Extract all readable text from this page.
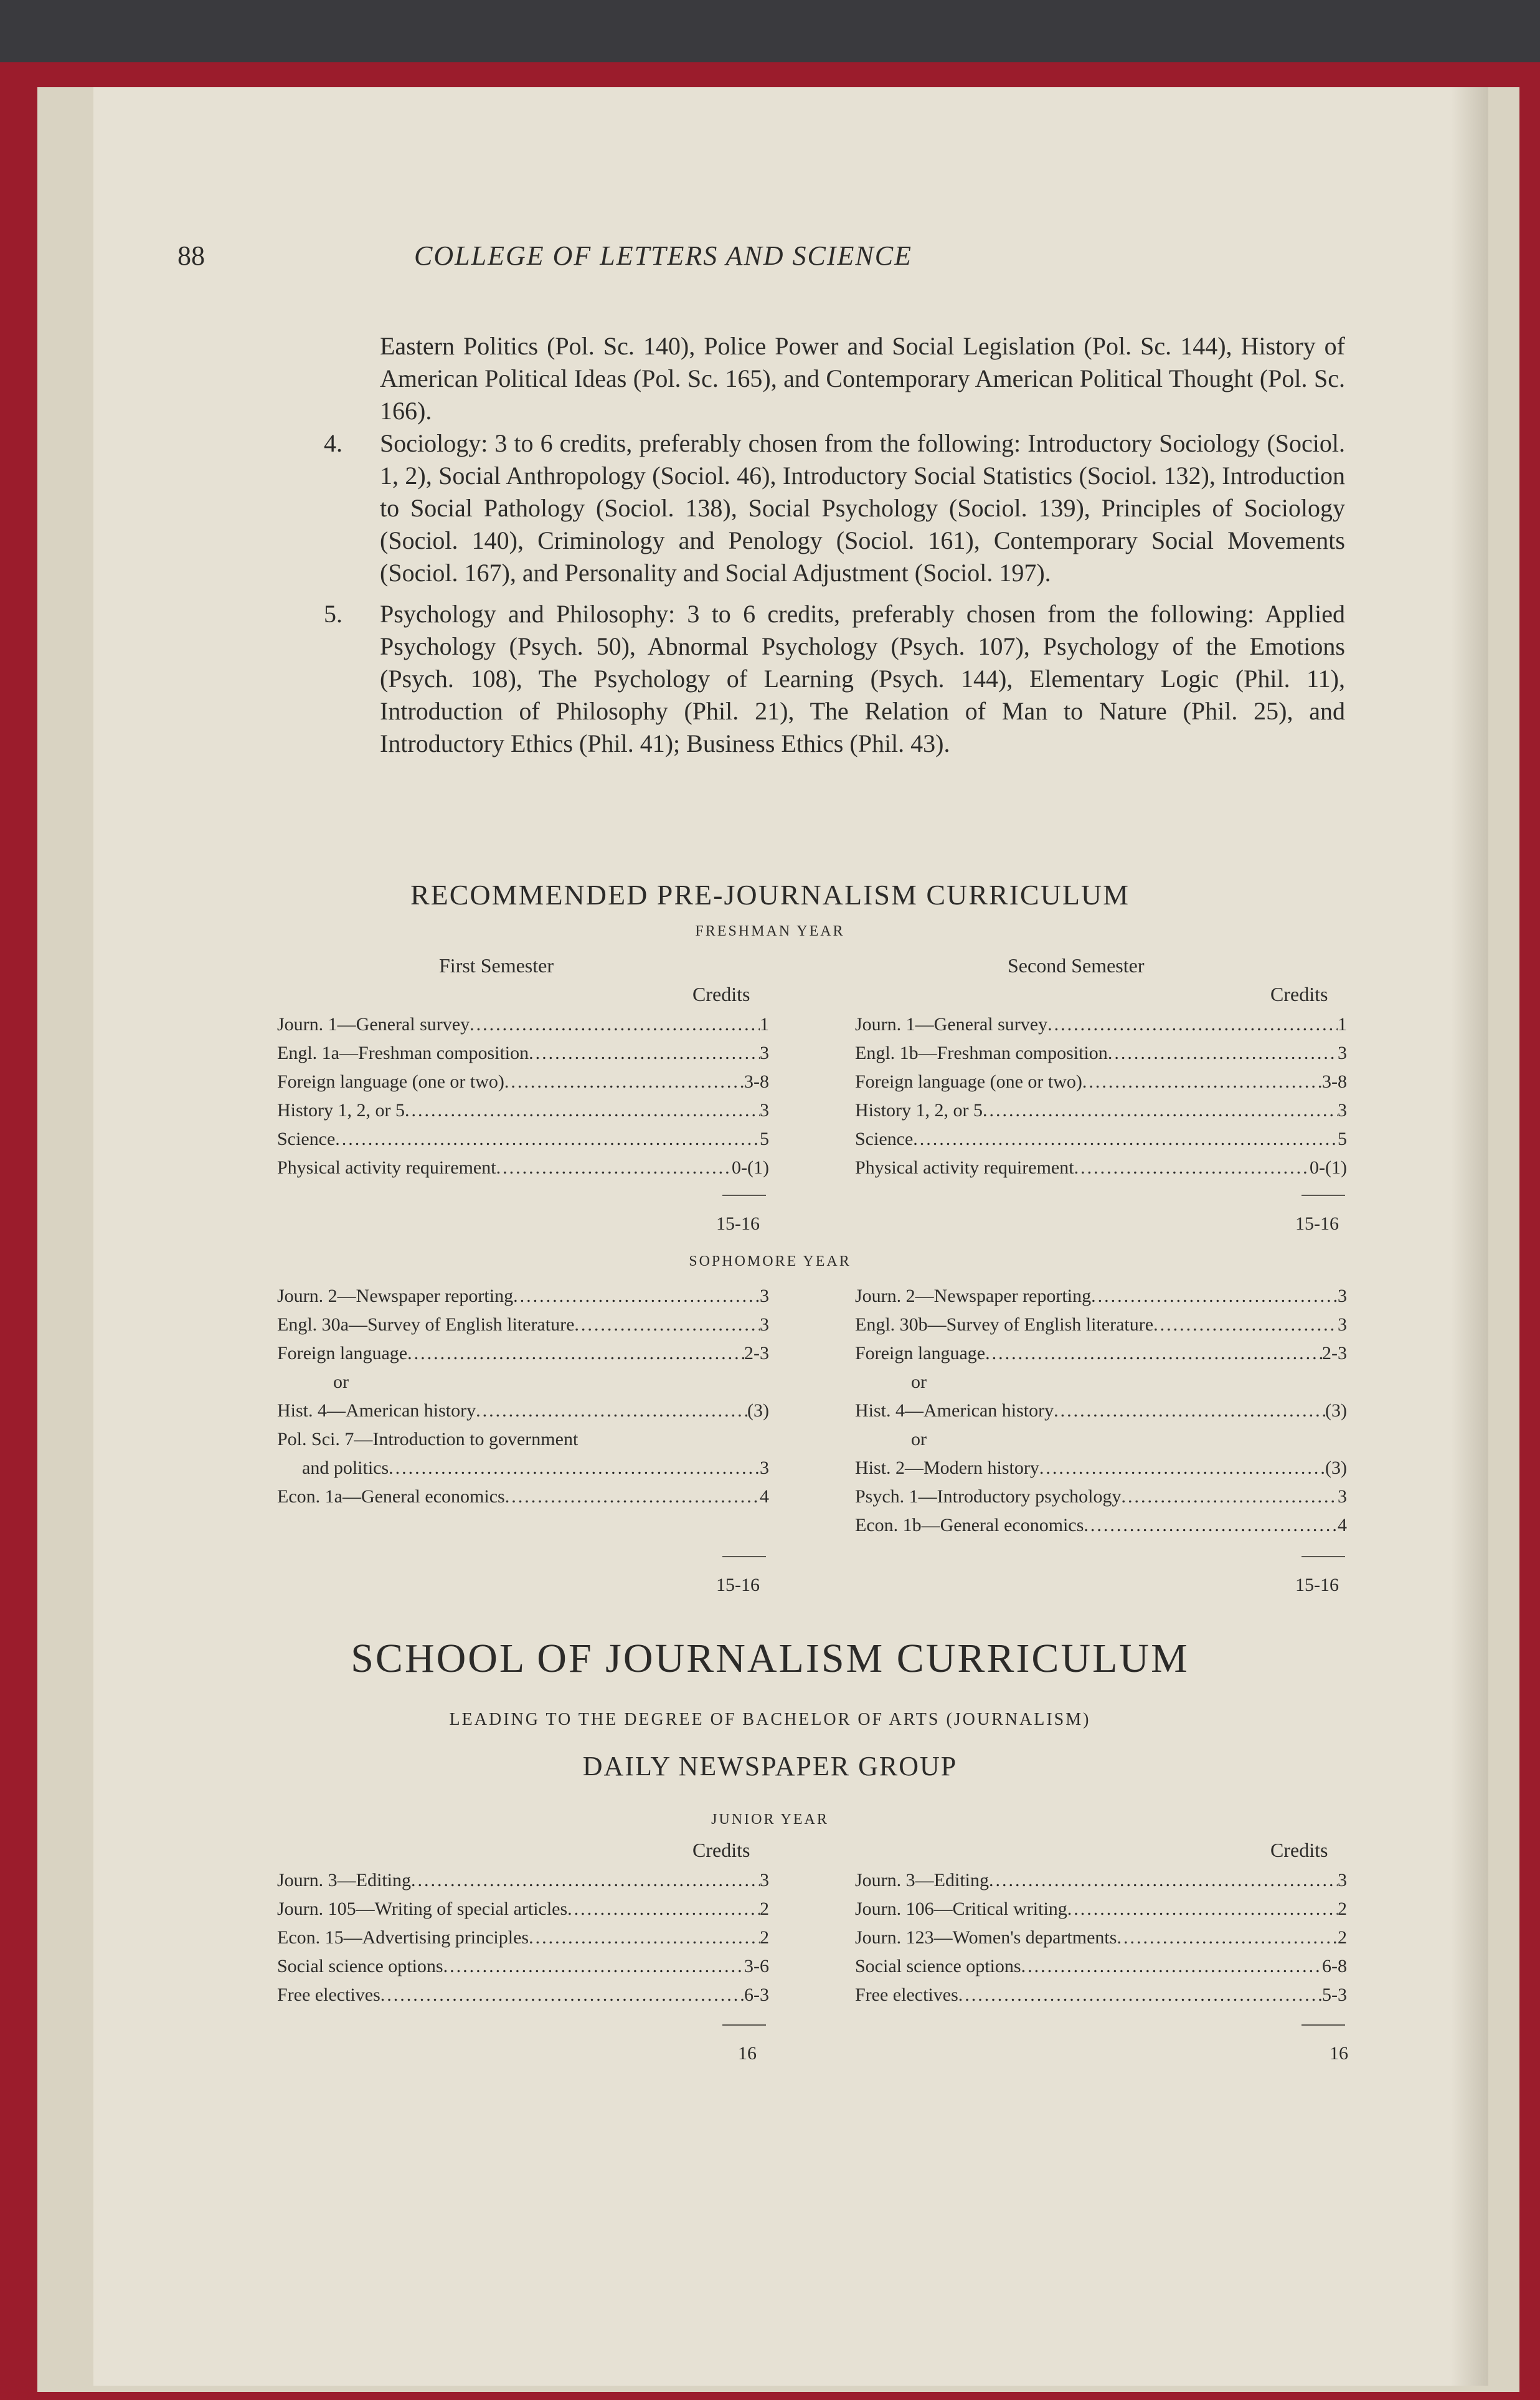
88	COLLEGE OF LETTERS AND SCIENCE
Eastern Politics (Pol. Sc. 140), Police Power and Social Legislation (Pol. Sc. 144), History of American Political Ideas (Pol. Sc. 165), and Contemporary American Political Thought (Pol. Sc. 166).
4. Sociology: 3 to 6 credits, preferably chosen from the following: Introductory Sociology (Sociol. 1, 2), Social Anthropology (Sociol. 46), Introductory Social Statistics (Sociol. 132), Introduction to Social Pathology (Sociol. 138), Social Psychology (Sociol. 139), Principles of Sociology (Sociol. 140), Criminology and Penology (Sociol. 161), Contemporary Social Movements (Sociol. 167), and Personality and Social Adjustment (Sociol. 197).
5. Psychology and Philosophy: 3 to 6 credits, preferably chosen from the following: Applied Psychology (Psych. 50), Abnormal Psychology (Psych. 107), Psychology of the Emotions (Psych. 108), The Psychology of Learning (Psych. 144), Elementary Logic (Phil. 11), Introduction of Philosophy (Phil. 21), The Relation of Man to Nature (Phil. 25), and Introductory Ethics (Phil. 41); Business Ethics (Phil. 43).
RECOMMENDED PRE-JOURNALISM CURRICULUM
FRESHMAN YEAR
First Semester	Second Semester
Credits	Credits
Journ. 1—General survey .....	1
Engl. 1a—Freshman composition .....	3
Foreign language (one or two) .....	3-8
History 1, 2, or 5 .....	3
Science .....	5
Physical activity requirement .....	0-(1)
Journ. 1—General survey .....	1
Engl. 1b—Freshman composition .....	3
Foreign language (one or two) .....	3-8
History 1, 2, or 5 .....	3
Science .....	5
Physical activity requirement .....	0-(1)
15-16	15-16
SOPHOMORE YEAR
Journ. 2—Newspaper reporting .....	3
Engl. 30a—Survey of English literature .....	3
Foreign language .....	2-3
or
Hist. 4—American history .....	(3)
Pol. Sci. 7—Introduction to government
and politics .....	3
Econ. 1a—General economics .....	4
Journ. 2—Newspaper reporting .....	3
Engl. 30b—Survey of English literature .....	3
Foreign language .....	2-3
or
Hist. 4—American history .....	(3)
or
Hist. 2—Modern history .....	(3)
Psych. 1—Introductory psychology .....	3
Econ. 1b—General economics .....	4
15-16	15-16
SCHOOL OF JOURNALISM CURRICULUM
LEADING TO THE DEGREE OF BACHELOR OF ARTS (JOURNALISM)
DAILY NEWSPAPER GROUP
JUNIOR YEAR
Credits	Credits
Journ. 3—Editing .....	3
Journ. 105—Writing of special articles .....	2
Econ. 15—Advertising principles .....	2
Social science options .....	3-6
Free electives .....	6-3
Journ. 3—Editing .....	3
Journ. 106—Critical writing .....	2
Journ. 123—Women's departments .....	2
Social science options .....	6-8
Free electives .....	5-3
16	16
